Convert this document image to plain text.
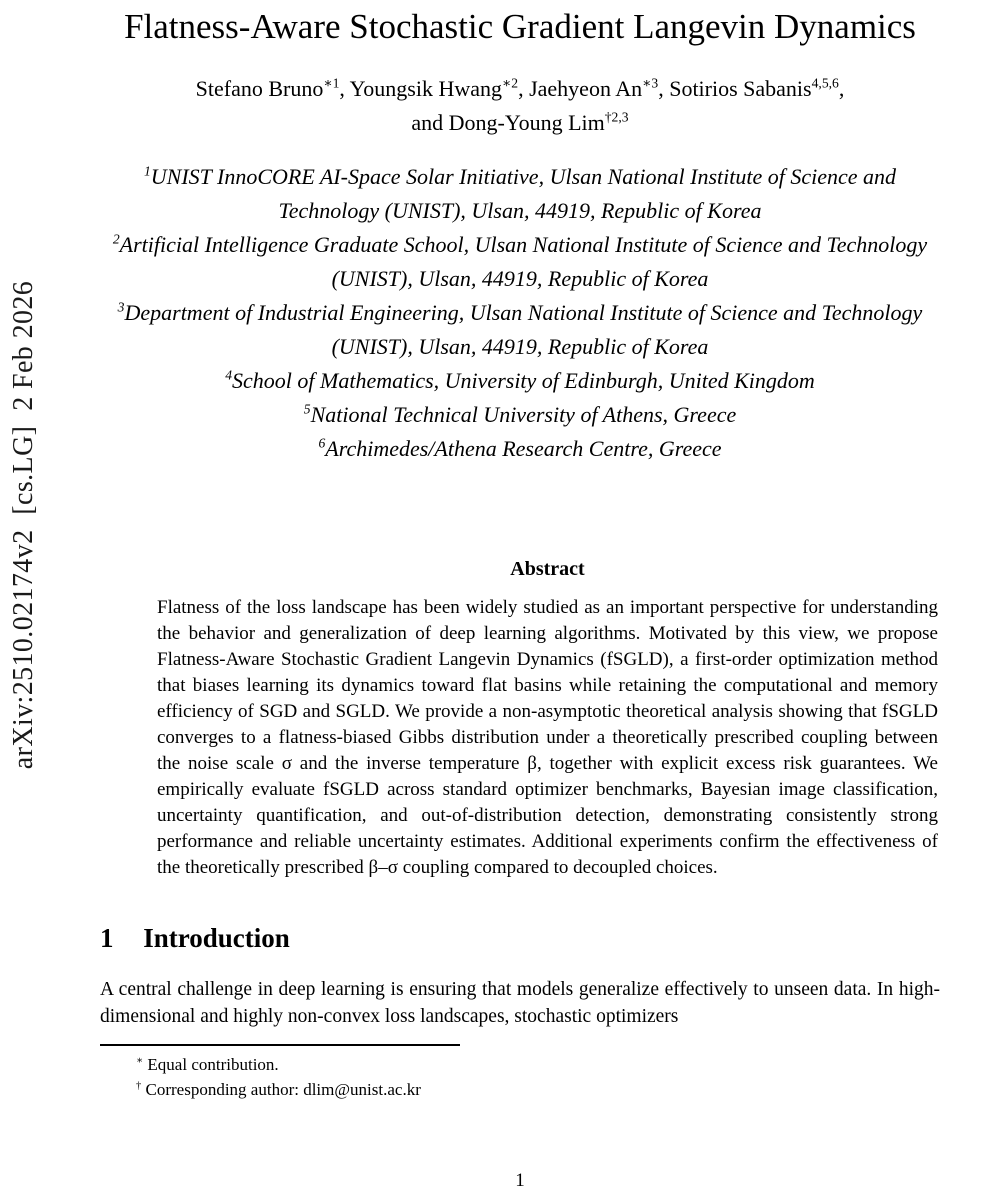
arXiv:2510.02174v2  [cs.LG]  2 Feb 2026
Flatness-Aware Stochastic Gradient Langevin Dynamics
Stefano Bruno$^{∗1}$, Youngsik Hwang$^{∗2}$, Jaehyeon $An^{∗3}$, Sotirios Sabanis$^{4,5,6}$,
and Dong-Young Lim$^{\dagger 2,3}$
$^1$UNIST InnoCORE AI-Space Solar Initiative, Ulsan National Institute of Science and Technology (UNIST), Ulsan, 44919, Republic of Korea
$^2$Artificial Intelligence Graduate School, Ulsan National Institute of Science and Technology (UNIST), Ulsan, 44919, Republic of Korea
$^3$Department of Industrial Engineering, Ulsan National Institute of Science and Technology (UNIST), Ulsan, 44919, Republic of Korea
$^4$School of Mathematics, University of Edinburgh, United Kingdom
$^5$National Technical University of Athens, Greece
$^6$Archimedes/Athena Research Centre, Greece
Abstract

Flatness of the loss landscape has been widely studied as an important perspective for understanding the behavior and generalization of deep learning algorithms. Motivated by this view, we propose Flatness-Aware Stochastic Gradient Langevin Dynamics (fSGLD), a first-order optimization method that biases learning its dynamics toward flat basins while retaining the computational and memory efficiency of SGD and SGLD. We provide a non-asymptotic theoretical analysis showing that fSGLD converges to a flatness-biased Gibbs distribution under a theoretically prescribed coupling between the noise scale σ and the inverse temperature β, together with explicit excess risk guarantees. We empirically evaluate fSGLD across standard optimizer benchmarks, Bayesian image classification, uncertainty quantification, and out-of-distribution detection, demonstrating consistently strong performance and reliable uncertainty estimates. Additional experiments confirm the effectiveness of the theoretically prescribed β–σ coupling compared to decoupled choices.

1 Introduction

A central challenge in deep learning is ensuring that models generalize effectively to unseen data. In high-dimensional and highly non-convex loss landscapes, stochastic optimizers

∗ Equal contribution.
† Corresponding author: dlim@unist.ac.kr
1
